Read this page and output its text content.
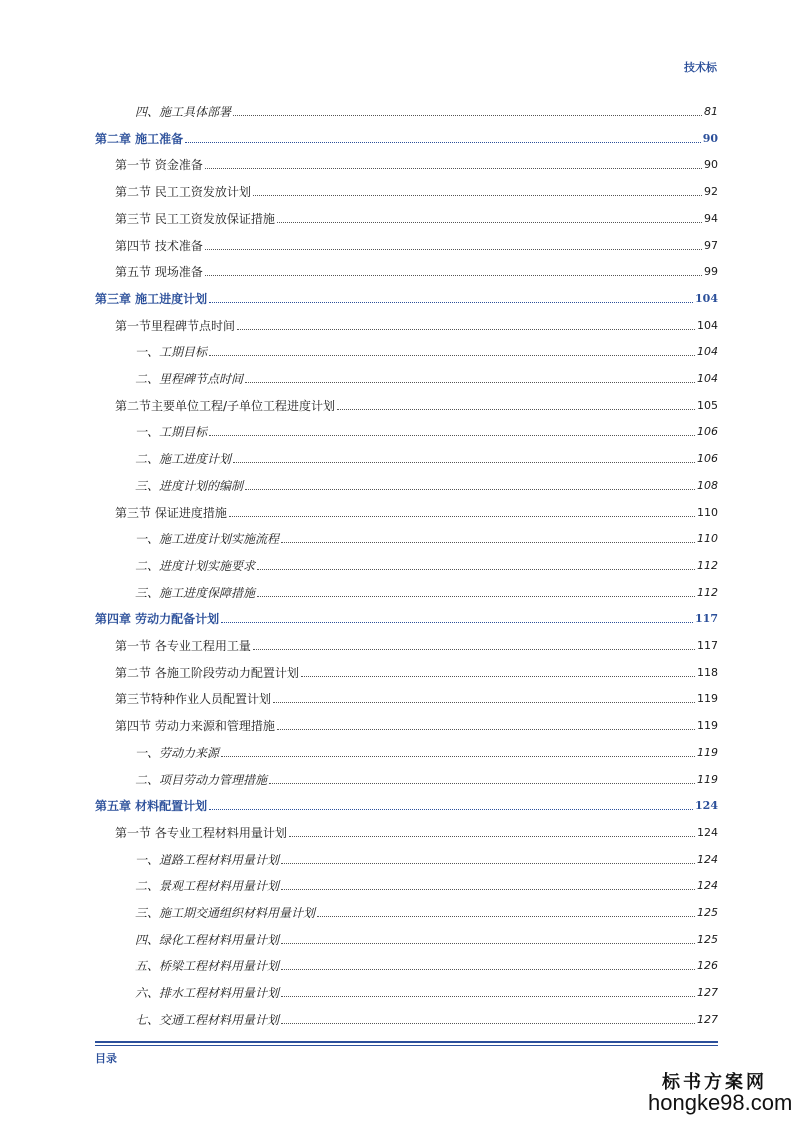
技术标
四、施工具体部署	81
第二章 施工准备	90
第一节 资金准备	90
第二节 民工工资发放计划	92
第三节 民工工资发放保证措施	94
第四节 技术准备	97
第五节 现场准备	99
第三章 施工进度计划	104
第一节里程碑节点时间	104
一、工期目标	104
二、里程碑节点时间	104
第二节主要单位工程/子单位工程进度计划	105
一、工期目标	106
二、施工进度计划	106
三、进度计划的编制	108
第三节 保证进度措施	110
一、施工进度计划实施流程	110
二、进度计划实施要求	112
三、施工进度保障措施	112
第四章 劳动力配备计划	117
第一节 各专业工程用工量	117
第二节 各施工阶段劳动力配置计划	118
第三节特种作业人员配置计划	119
第四节 劳动力来源和管理措施	119
一、劳动力来源	119
二、项目劳动力管理措施	119
第五章 材料配置计划	124
第一节 各专业工程材料用量计划	124
一、道路工程材料用量计划	124
二、景观工程材料用量计划	124
三、施工期交通组织材料用量计划	125
四、绿化工程材料用量计划	125
五、桥梁工程材料用量计划	126
六、排水工程材料用量计划	127
七、交通工程材料用量计划	127
目录
标书方案网
hongke98.com
